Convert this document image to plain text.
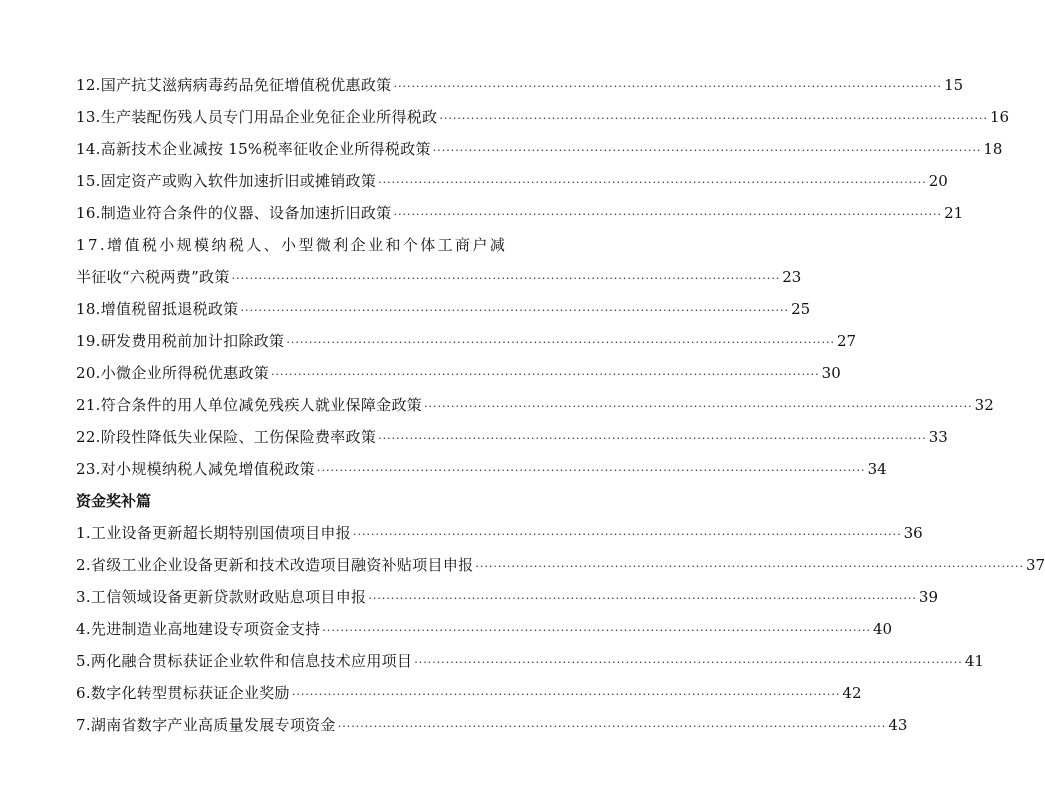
12.国产抗艾滋病病毒药品免征增值税优惠政策 ·····	15
13.生产装配伤残人员专门用品企业免征企业所得税政 ·····	16
14.高新技术企业减按 15%税率征收企业所得税政策 ·····	18
15.固定资产或购入软件加速折旧或摊销政策 ·····	20
16.制造业符合条件的仪器、设备加速折旧政策 ·····	21
17.增值税小规模纳税人、小型微利企业和个体工商户减
半征收“六税两费”政策 ·····	23
18.增值税留抵退税政策 ·····	25
19.研发费用税前加计扣除政策 ·····	27
20.小微企业所得税优惠政策 ·····	30
21.符合条件的用人单位减免残疾人就业保障金政策 ·····	32
22.阶段性降低失业保险、工伤保险费率政策 ·····	33
23.对小规模纳税人减免增值税政策 ·····	34
资金奖补篇
1.工业设备更新超长期特别国债项目申报 ·····	36
2.省级工业企业设备更新和技术改造项目融资补贴项目申报 ·····	37
3.工信领域设备更新贷款财政贴息项目申报 ·····	39
4.先进制造业高地建设专项资金支持 ·····	40
5.两化融合贯标获证企业软件和信息技术应用项目 ·····	41
6.数字化转型贯标获证企业奖励 ·····	42
7.湖南省数字产业高质量发展专项资金 ·····	43
